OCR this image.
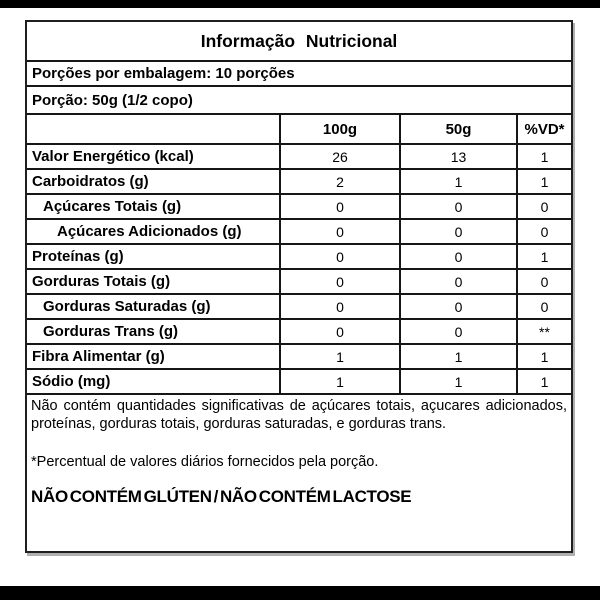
Informação Nutricional
Porções por embalagem: 10 porções
Porção: 50g (1/2 copo)
	100g	50g	%VD*
Valor Energético (kcal)	26	13	1
Carboidratos (g)	2	1	1
Açúcares Totais (g)	0	0	0
Açúcares Adicionados (g)	0	0	0
Proteínas (g)	0	0	1
Gorduras Totais (g)	0	0	0
Gorduras Saturadas (g)	0	0	0
Gorduras Trans (g)	0	0	**
Fibra Alimentar (g)	1	1	1
Sódio (mg)	1	1	1
Não contém quantidades significativas de açúcares totais, açucares adicionados, proteínas, gorduras totais, gorduras saturadas, e gorduras trans.
*Percentual de valores diários fornecidos pela porção.
NÃO CONTÉM GLÚTEN / NÃO CONTÉM LACTOSE
